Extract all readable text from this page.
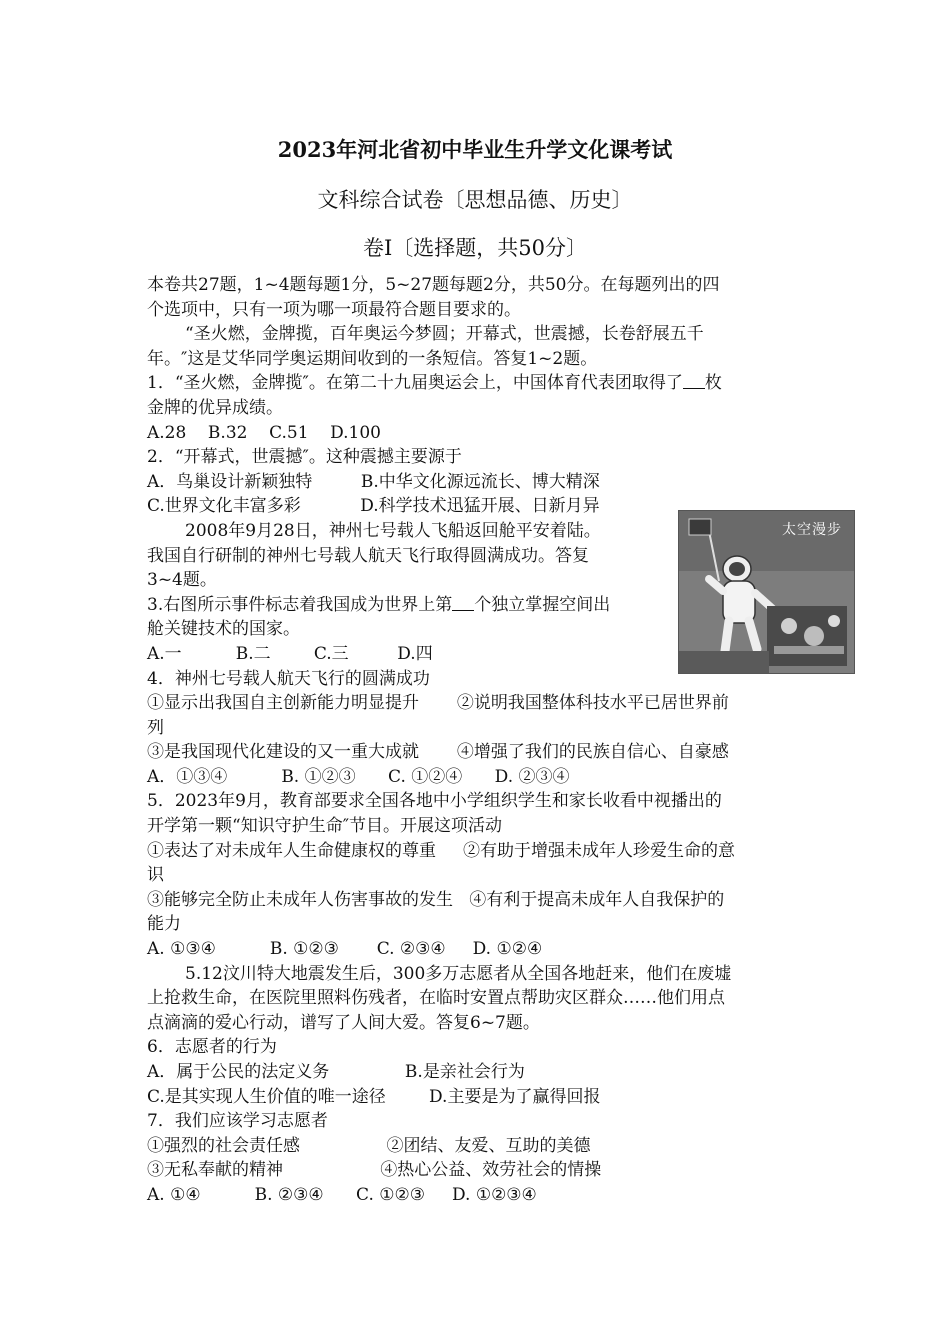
2023年河北省初中毕业生升学文化课考试
文科综合试卷〔思想品德、历史〕
卷I〔选择题，共50分〕
本卷共27题，1~4题每题1分，5~27题每题2分，共50分。在每题列出的四
个选项中，只有一项为哪一项最符合题目要求的。
“圣火燃，金牌揽，百年奥运今梦圆；开幕式，世震撼，长卷舒展五千
年。″这是艾华同学奥运期间收到的一条短信。答复1~2题。
1．“圣火燃，金牌揽″。在第二十九届奥运会上，中国体育代表团取得了 枚
金牌的优异成绩。
A.28    B.32    C.51    D.100
2．“开幕式，世震撼″。这种震撼主要源于
A．鸟巢设计新颖独特         B.中华文化源远流长、博大精深
C.世界文化丰富多彩           D.科学技术迅猛开展、日新月异
2008年9月28日，神州七号载人飞船返回舱平安着陆。
我国自行研制的神州七号载人航天飞行取得圆满成功。答复
3~4题。
3.右图所示事件标志着我国成为世界上第 个独立掌握空间出
舱关键技术的国家。
A.一          B.二        C.三         D.四
4．神州七号载人航天飞行的圆满成功
①显示出我国自主创新能力明显提升       ②说明我国整体科技水平已居世界前
列
③是我国现代化建设的又一重大成就       ④增强了我们的民族自信心、自豪感
A．①③④          B. ①②③      C. ①②④      D. ②③④
5．2023年9月，教育部要求全国各地中小学组织学生和家长收看中视播出的
开学第一颗“知识守护生命″节目。开展这项活动
①表达了对未成年人生命健康权的尊重     ②有助于增强未成年人珍爱生命的意
识
③能够完全防止未成年人伤害事故的发生   ④有利于提高未成年人自我保护的
能力
A. ①③④          B. ①②③       C. ②③④     D. ①②④
5.12汶川特大地震发生后，300多万志愿者从全国各地赶来，他们在废墟
上抢救生命，在医院里照料伤残者，在临时安置点帮助灾区群众……他们用点
点滴滴的爱心行动，谱写了人间大爱。答复6~7题。
6．志愿者的行为
A．属于公民的法定义务              B.是亲社会行为
C.是其实现人生价值的唯一途径        D.主要是为了赢得回报
7．我们应该学习志愿者
①强烈的社会责任感                ②团结、友爱、互助的美德
③无私奉献的精神                  ④热心公益、效劳社会的情操
A. ①④          B. ②③④      C. ①②③     D. ①②③④
太空漫步
